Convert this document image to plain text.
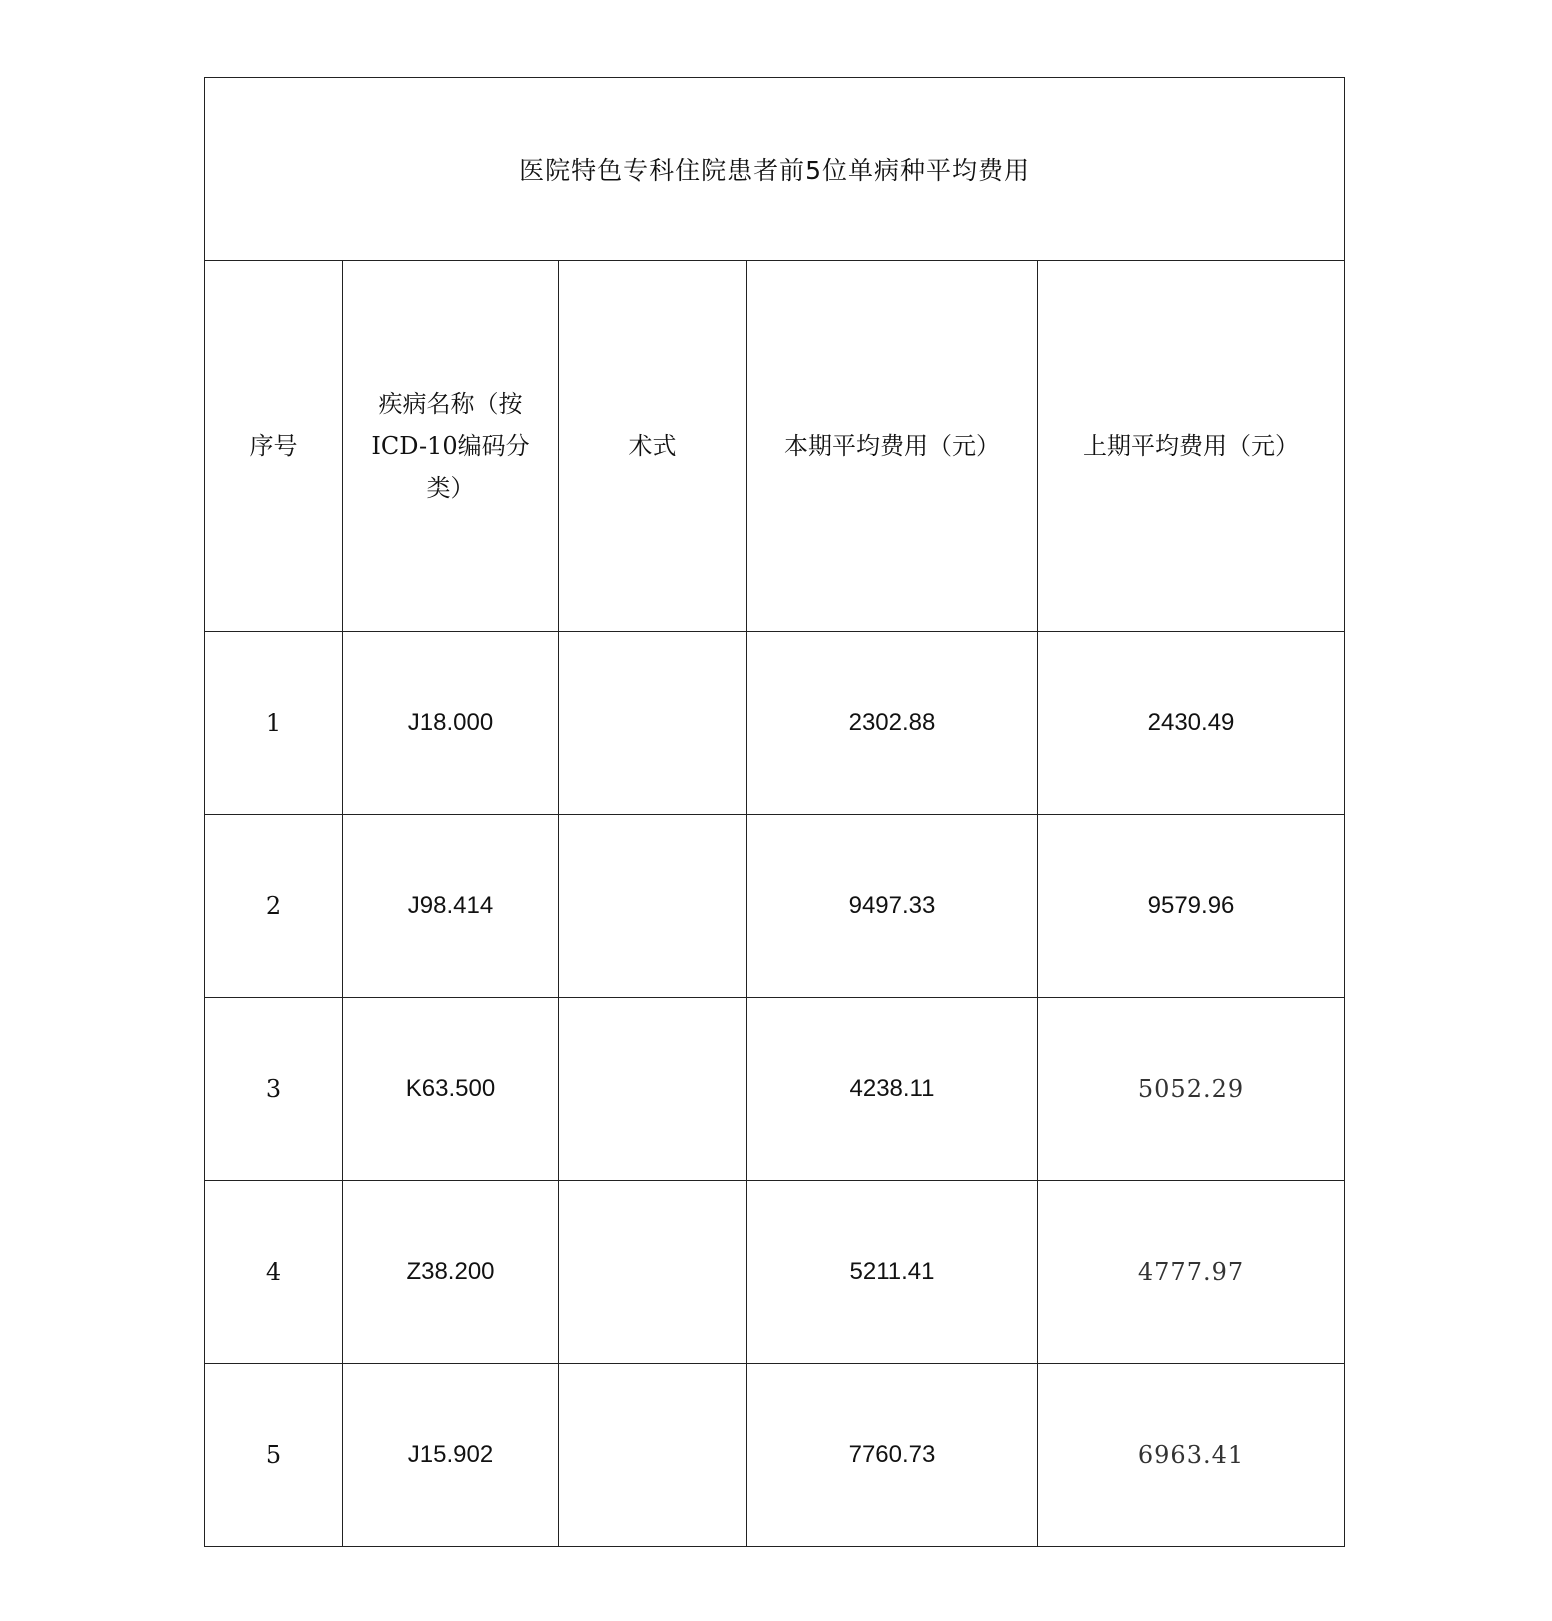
医院特色专科住院患者前5位单病种平均费用				
序号	疾病名称（按ICD-10编码分类）	术式	本期平均费用（元）	上期平均费用（元）
1	J18.000		2302.88	2430.49
2	J98.414		9497.33	9579.96
3	K63.500		4238.11	5052.29
4	Z38.200		5211.41	4777.97
5	J15.902		7760.73	6963.41
